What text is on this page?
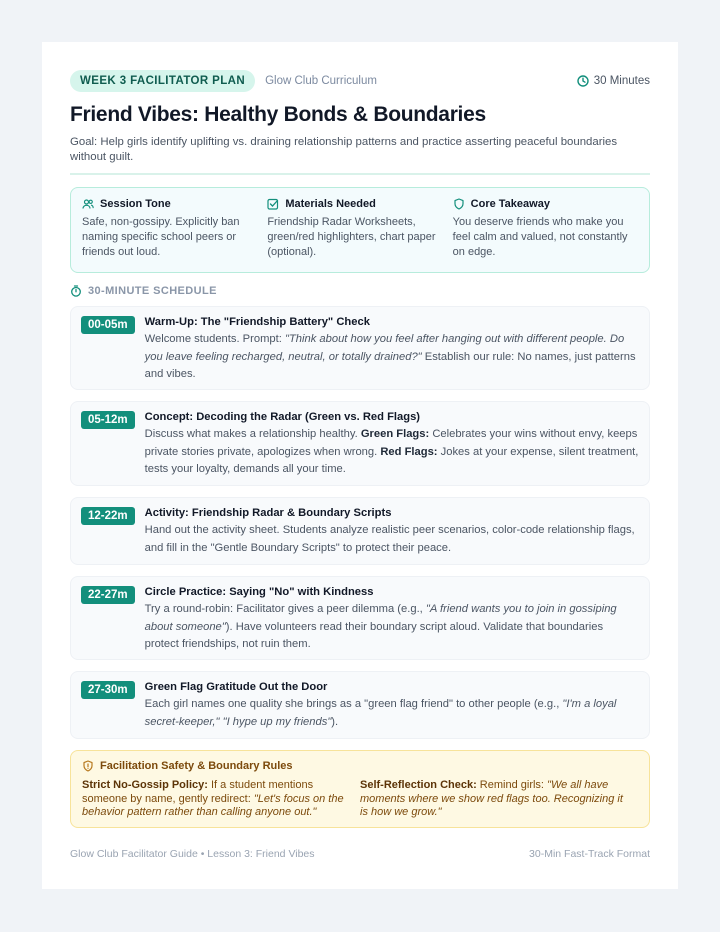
WEEK 3 FACILITATOR PLAN	Glow Club Curriculum	30 Minutes
Friend Vibes: Healthy Bonds & Boundaries
Goal: Help girls identify uplifting vs. draining relationship patterns and practice asserting peaceful boundaries without guilt.
Session Tone
Safe, non-gossipy. Explicitly ban naming specific school peers or friends out loud.
Materials Needed
Friendship Radar Worksheets, green/red highlighters, chart paper (optional).
Core Takeaway
You deserve friends who make you feel calm and valued, not constantly on edge.
30-MINUTE SCHEDULE
00-05m	Warm-Up: The "Friendship Battery" Check
Welcome students. Prompt: "Think about how you feel after hanging out with different people. Do you leave feeling recharged, neutral, or totally drained?" Establish our rule: No names, just patterns and vibes.
05-12m	Concept: Decoding the Radar (Green vs. Red Flags)
Discuss what makes a relationship healthy. Green Flags: Celebrates your wins without envy, keeps private stories private, apologizes when wrong. Red Flags: Jokes at your expense, silent treatment, tests your loyalty, demands all your time.
12-22m	Activity: Friendship Radar & Boundary Scripts
Hand out the activity sheet. Students analyze realistic peer scenarios, color-code relationship flags, and fill in the "Gentle Boundary Scripts" to protect their peace.
22-27m	Circle Practice: Saying "No" with Kindness
Try a round-robin: Facilitator gives a peer dilemma (e.g., "A friend wants you to join in gossiping about someone"). Have volunteers read their boundary script aloud. Validate that boundaries protect friendships, not ruin them.
27-30m	Green Flag Gratitude Out the Door
Each girl names one quality she brings as a "green flag friend" to other people (e.g., "I'm a loyal secret-keeper," "I hype up my friends").
Facilitation Safety & Boundary Rules
Strict No-Gossip Policy: If a student mentions someone by name, gently redirect: "Let's focus on the behavior pattern rather than calling anyone out."
Self-Reflection Check: Remind girls: "We all have moments where we show red flags too. Recognizing it is how we grow."
Glow Club Facilitator Guide • Lesson 3: Friend Vibes	30-Min Fast-Track Format
